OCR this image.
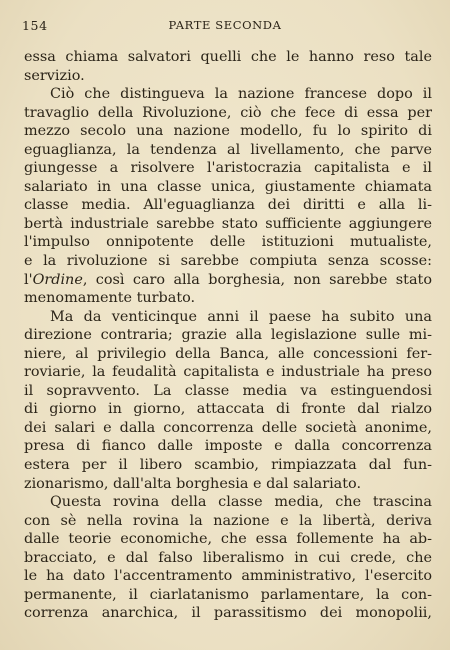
154	PARTE SECONDA
essa chiama salvatori quelli che le hanno reso tale
servizio.
Ciò che distingueva la nazione francese dopo il
travaglio della Rivoluzione, ciò che fece di essa per
mezzo secolo una nazione modello, fu lo spirito di
eguaglianza, la tendenza al livellamento, che parve
giungesse a risolvere l'aristocrazia capitalista e il
salariato in una classe unica, giustamente chiamata
classe media. All'eguaglianza dei diritti e alla li-
bertà industriale sarebbe stato sufficiente aggiungere
l'impulso onnipotente delle istituzioni mutualiste,
e la rivoluzione si sarebbe compiuta senza scosse:
l'Ordine, così caro alla borghesia, non sarebbe stato
menomamente turbato.
Ma da venticinque anni il paese ha subito una
direzione contraria; grazie alla legislazione sulle mi-
niere, al privilegio della Banca, alle concessioni fer-
roviarie, la feudalità capitalista e industriale ha preso
il sopravvento. La classe media va estinguendosi
di giorno in giorno, attaccata di fronte dal rialzo
dei salari e dalla concorrenza delle società anonime,
presa di fianco dalle imposte e dalla concorrenza
estera per il libero scambio, rimpiazzata dal fun-
zionarismo, dall'alta borghesia e dal salariato.
Questa rovina della classe media, che trascina
con sè nella rovina la nazione e la libertà, deriva
dalle teorie economiche, che essa follemente ha ab-
bracciato, e dal falso liberalismo in cui crede, che
le ha dato l'accentramento amministrativo, l'esercito
permanente, il ciarlatanismo parlamentare, la con-
correnza anarchica, il parassitismo dei monopolii,
